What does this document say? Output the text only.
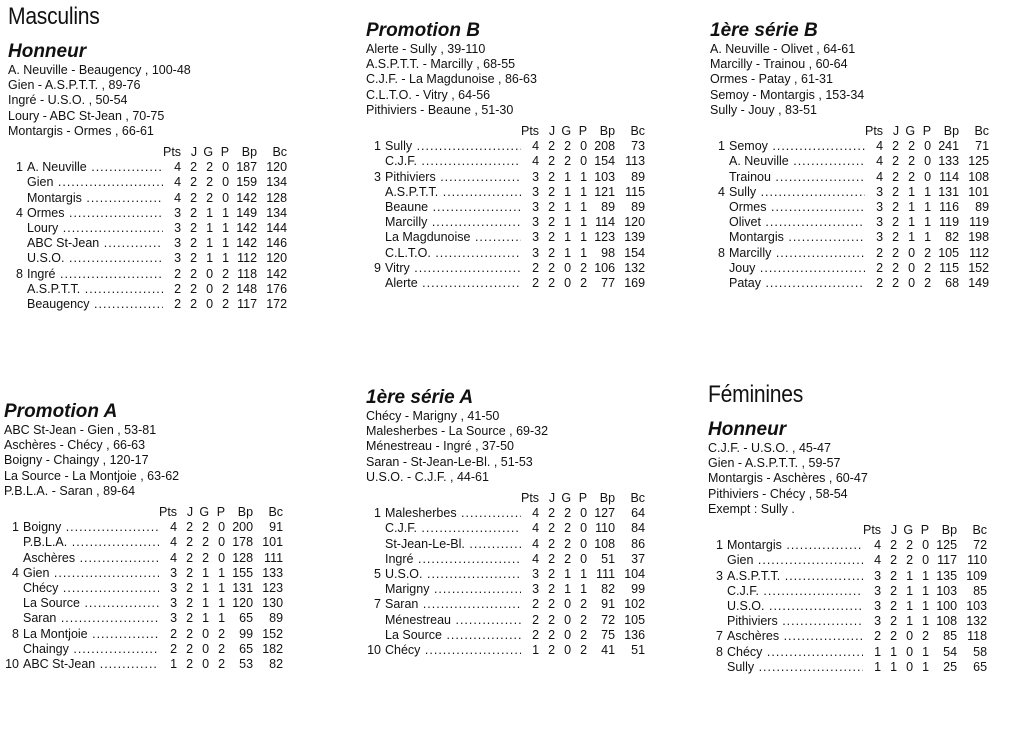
Masculins
Honneur
A. Neuville - Beaugency , 100-48
Gien - A.S.P.T.T. , 89-76
Ingré - U.S.O. , 50-54
Loury - ABC St-Jean , 70-75
Montargis - Ormes , 66-61
		Pts	J	G	P	Bp	Bc
1	A. Neuville .....	4	2	2	0	187	120

	Gien .....	4	2	2	0	159	134

	Montargis .....	4	2	2	0	142	128
4	Ormes .....	3	2	1	1	149	134

	Loury .....	3	2	1	1	142	144

	ABC St-Jean .....	3	2	1	1	142	146

	U.S.O. .....	3	2	1	1	112	120
8	Ingré .....	2	2	0	2	118	142

	A.S.P.T.T. .....	2	2	0	2	148	176

	Beaugency .....	2	2	0	2	117	172
Promotion A
ABC St-Jean - Gien , 53-81
Aschères - Chécy , 66-63
Boigny - Chaingy , 120-17
La Source - La Montjoie , 63-62
P.B.L.A. - Saran , 89-64
		Pts	J	G	P	Bp	Bc
1	Boigny .....	4	2	2	0	200	91

	P.B.L.A. .....	4	2	2	0	178	101

	Aschères .....	4	2	2	0	128	111
4	Gien .....	3	2	1	1	155	133

	Chécy .....	3	2	1	1	131	123

	La Source .....	3	2	1	1	120	130

	Saran .....	3	2	1	1	65	89
8	La Montjoie .....	2	2	0	2	99	152

	Chaingy .....	2	2	0	2	65	182
10	ABC St-Jean .....	1	2	0	2	53	82
Promotion B
Alerte - Sully , 39-110
A.S.P.T.T. - Marcilly , 68-55
C.J.F. - La Magdunoise , 86-63
C.L.T.O. - Vitry , 64-56
Pithiviers - Beaune , 51-30
		Pts	J	G	P	Bp	Bc
1	Sully .....	4	2	2	0	208	73

	C.J.F. .....	4	2	2	0	154	113
3	Pithiviers .....	3	2	1	1	103	89

	A.S.P.T.T. .....	3	2	1	1	121	115

	Beaune .....	3	2	1	1	89	89

	Marcilly .....	3	2	1	1	114	120

	La Magdunoise .....	3	2	1	1	123	139

	C.L.T.O. .....	3	2	1	1	98	154
9	Vitry .....	2	2	0	2	106	132

	Alerte .....	2	2	0	2	77	169
1ère série A
Chécy - Marigny , 41-50
Malesherbes - La Source , 69-32
Ménestreau - Ingré , 37-50
Saran - St-Jean-Le-Bl. , 51-53
U.S.O. - C.J.F. , 44-61
		Pts	J	G	P	Bp	Bc
1	Malesherbes .....	4	2	2	0	127	64

	C.J.F. .....	4	2	2	0	110	84

	St-Jean-Le-Bl. .....	4	2	2	0	108	86

	Ingré .....	4	2	2	0	51	37
5	U.S.O. .....	3	2	1	1	111	104

	Marigny .....	3	2	1	1	82	99
7	Saran .....	2	2	0	2	91	102

	Ménestreau .....	2	2	0	2	72	105

	La Source .....	2	2	0	2	75	136
10	Chécy .....	1	2	0	2	41	51
1ère série B
A. Neuville - Olivet , 64-61
Marcilly - Trainou , 60-64
Ormes - Patay , 61-31
Semoy - Montargis , 153-34
Sully - Jouy , 83-51
		Pts	J	G	P	Bp	Bc
1	Semoy .....	4	2	2	0	241	71

	A. Neuville .....	4	2	2	0	133	125

	Trainou .....	4	2	2	0	114	108
4	Sully .....	3	2	1	1	131	101

	Ormes .....	3	2	1	1	116	89

	Olivet .....	3	2	1	1	119	119

	Montargis .....	3	2	1	1	82	198
8	Marcilly .....	2	2	0	2	105	112

	Jouy .....	2	2	0	2	115	152

	Patay .....	2	2	0	2	68	149
Féminines
Honneur
C.J.F. - U.S.O. , 45-47
Gien - A.S.P.T.T. , 59-57
Montargis - Aschères , 60-47
Pithiviers - Chécy , 58-54
Exempt : Sully .
		Pts	J	G	P	Bp	Bc
1	Montargis .....	4	2	2	0	125	72

	Gien .....	4	2	2	0	117	110
3	A.S.P.T.T. .....	3	2	1	1	135	109

	C.J.F. .....	3	2	1	1	103	85

	U.S.O. .....	3	2	1	1	100	103

	Pithiviers .....	3	2	1	1	108	132
7	Aschères .....	2	2	0	2	85	118
8	Chécy .....	1	1	0	1	54	58

	Sully .....	1	1	0	1	25	65
